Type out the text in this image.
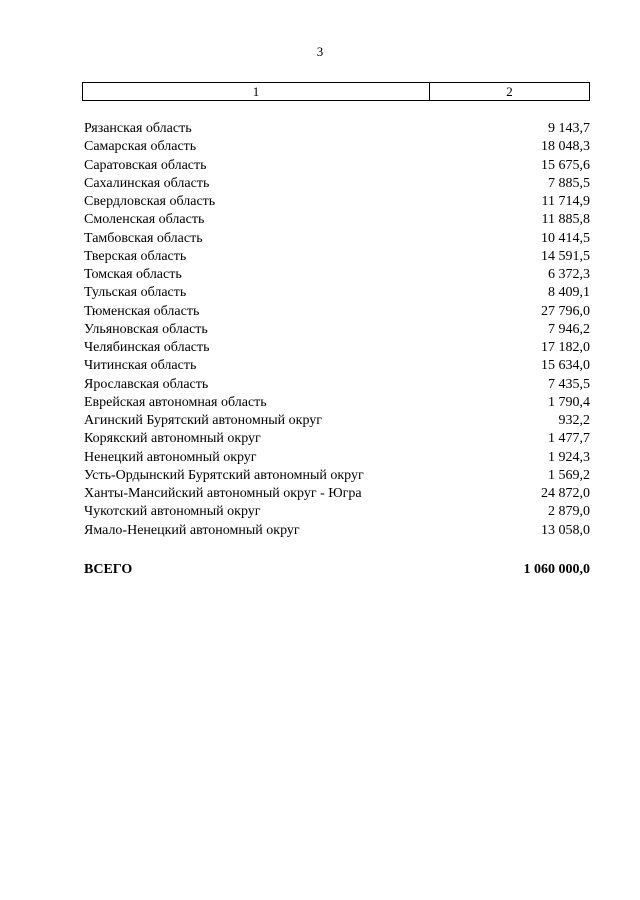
3
1	2
Рязанская область	9 143,7
Самарская область	18 048,3
Саратовская область	15 675,6
Сахалинская область	7 885,5
Свердловская область	11 714,9
Смоленская область	11 885,8
Тамбовская область	10 414,5
Тверская область	14 591,5
Томская область	6 372,3
Тульская область	8 409,1
Тюменская область	27 796,0
Ульяновская область	7 946,2
Челябинская область	17 182,0
Читинская область	15 634,0
Ярославская область	7 435,5
Еврейская автономная область	1 790,4
Агинский Бурятский автономный округ	932,2
Корякский автономный округ	1 477,7
Ненецкий автономный округ	1 924,3
Усть-Ордынский Бурятский автономный округ	1 569,2
Ханты-Мансийский автономный округ - Югра	24 872,0
Чукотский автономный округ	2 879,0
Ямало-Ненецкий автономный округ	13 058,0
ВСЕГО	1 060 000,0
